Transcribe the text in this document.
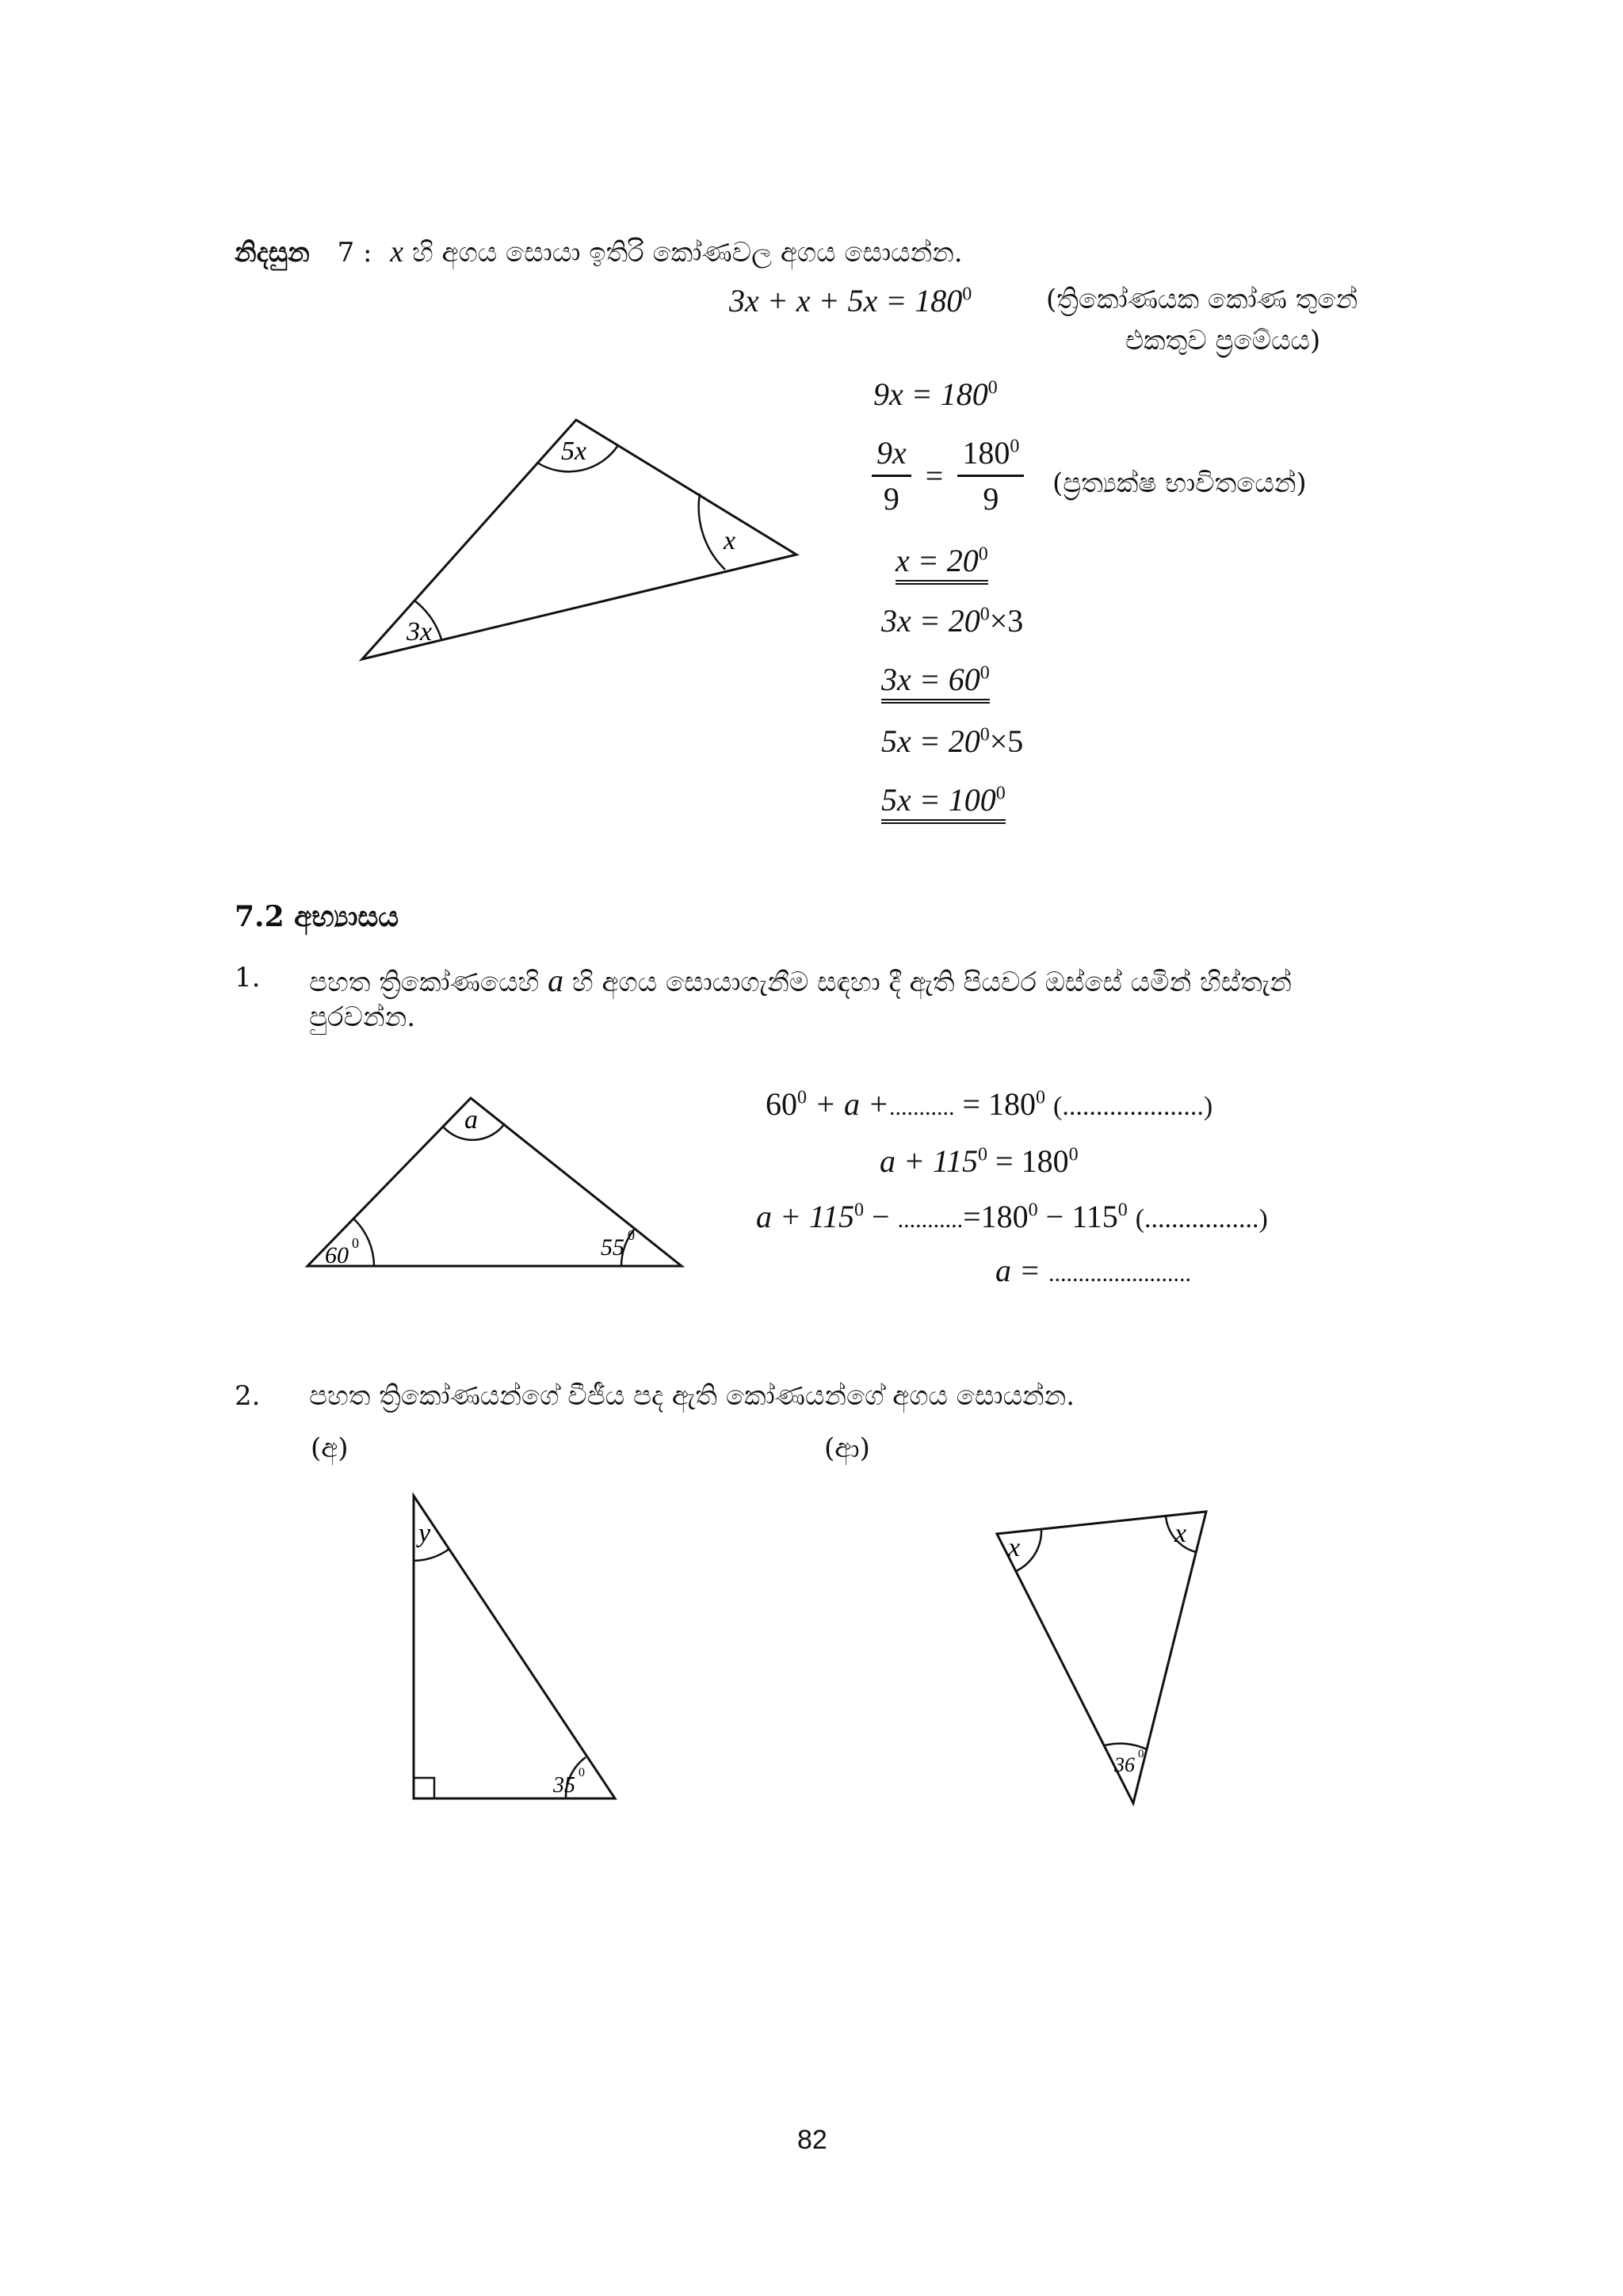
නිදසුන 7 : x හි අගය සොයා ඉතිරි කෝණවල අගය සොයන්න.
5x
x
3x
$3x + x + 5x = 180^0$	(ත්‍රිකෝණයක කෝණ තුනේ
එකතුව ප්‍රමේයය)
$9x = 180^0$
$\frac{9x}{9} = \frac{180^0}{9}$ (ප්‍රත්‍යක්ෂ භාවිතයෙන්)
$x = 20^0$
$3x = 20^0\times 3$
$3x = 60^0$
$5x = 20^0\times 5$
$5x = 100^0$
7.2 අභ්‍යාසය
1. පහත ත්‍රිකෝණයෙහි a හි අගය සොයාගැනීම සඳහා දී ඇති පියවර ඔස්සේ යමින් හිස්තැන්
පුරවන්න.
a
60 0	55 0
$60^0 + a$ +........... = $180^0$ (.....................)
$a + 115^0 = 180^0$
$a + 115^0 - ...........=180^0 - 115^0$ (.................)
a = ........................
2. පහත ත්‍රිකෝණයන්ගේ වීජීය පද ඇති කෝණයන්ගේ අගය සොයන්න.
(අ)	(ආ)
y
35
0
x	x
36 0
82
